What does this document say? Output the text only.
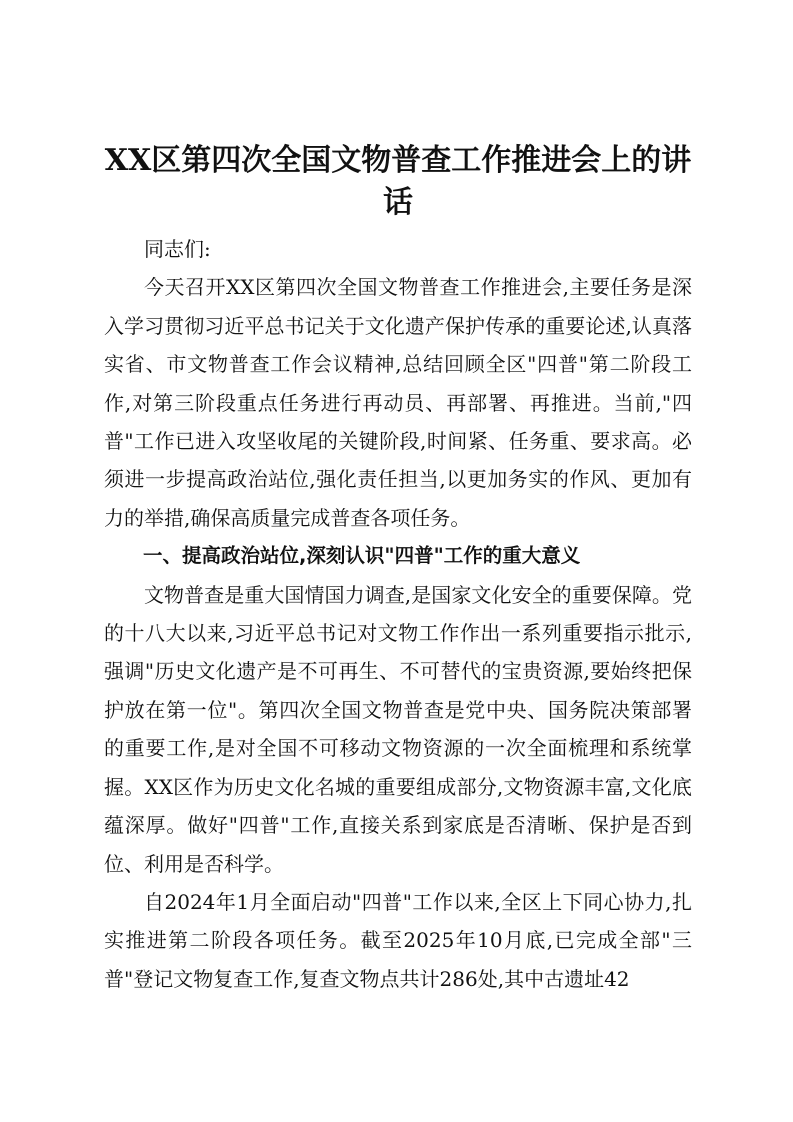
XX区第四次全国文物普查工作推进会上的讲话

同志们:

今天召开XX区第四次全国文物普查工作推进会,主要任务是深入学习贯彻习近平总书记关于文化遗产保护传承的重要论述,认真落实省、市文物普查工作会议精神,总结回顾全区"四普"第二阶段工作,对第三阶段重点任务进行再动员、再部署、再推进。当前,"四普"工作已进入攻坚收尾的关键阶段,时间紧、任务重、要求高。必须进一步提高政治站位,强化责任担当,以更加务实的作风、更加有力的举措,确保高质量完成普查各项任务。

一、提高政治站位,深刻认识"四普"工作的重大意义

文物普查是重大国情国力调查,是国家文化安全的重要保障。党的十八大以来,习近平总书记对文物工作作出一系列重要指示批示,强调"历史文化遗产是不可再生、不可替代的宝贵资源,要始终把保护放在第一位"。第四次全国文物普查是党中央、国务院决策部署的重要工作,是对全国不可移动文物资源的一次全面梳理和系统掌握。XX区作为历史文化名城的重要组成部分,文物资源丰富,文化底蕴深厚。做好"四普"工作,直接关系到家底是否清晰、保护是否到位、利用是否科学。

自2024年1月全面启动"四普"工作以来,全区上下同心协力,扎实推进第二阶段各项任务。截至2025年10月底,已完成全部"三普"登记文物复查工作,复查文物点共计286处,其中古遗址42
